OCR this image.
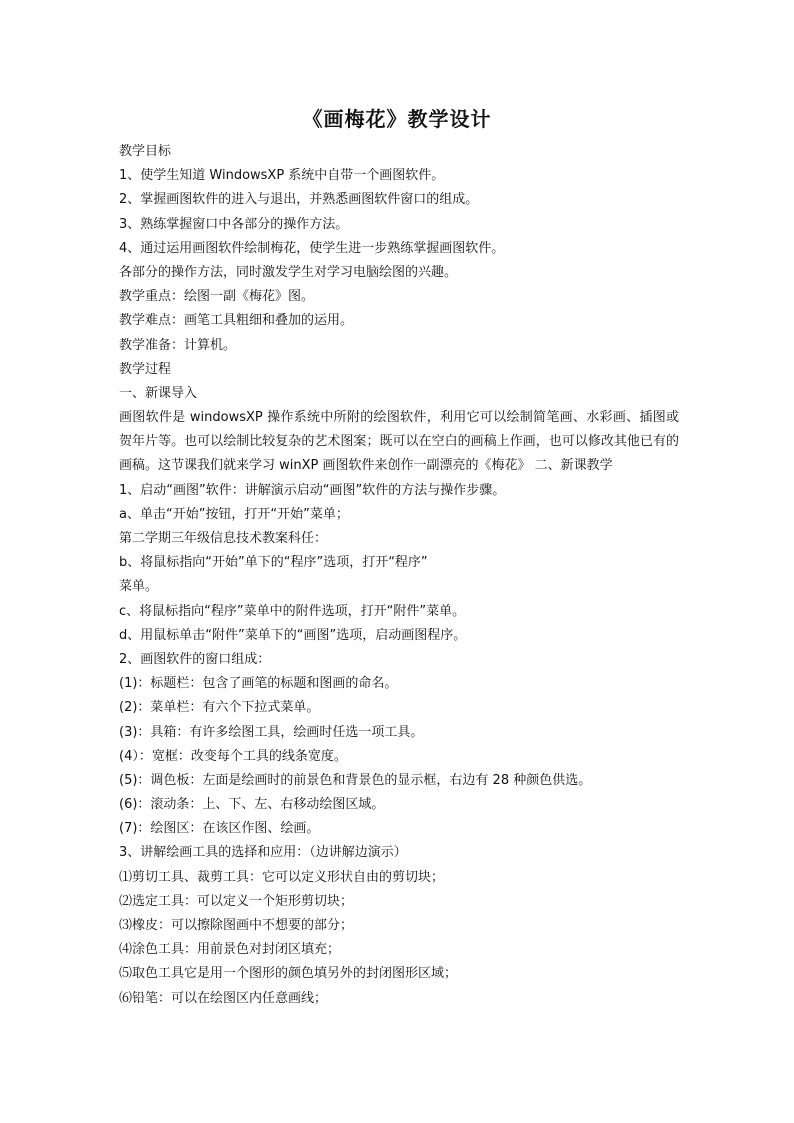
《画梅花》教学设计
教学目标
1、使学生知道 WindowsXP 系统中自带一个画图软件。
2、掌握画图软件的进入与退出，并熟悉画图软件窗口的组成。
3、熟练掌握窗口中各部分的操作方法。
4、通过运用画图软件绘制梅花，使学生进一步熟练掌握画图软件。
各部分的操作方法，同时激发学生对学习电脑绘图的兴趣。
教学重点：绘图一副《梅花》图。
教学难点：画笔工具粗细和叠加的运用。
教学准备：计算机。
教学过程
一、新课导入
画图软件是 windowsXP 操作系统中所附的绘图软件，利用它可以绘制简笔画、水彩画、插图或贺年片等。也可以绘制比较复杂的艺术图案；既可以在空白的画稿上作画，也可以修改其他已有的画稿。这节课我们就来学习 winXP 画图软件来创作一副漂亮的《梅花》 二、新课教学
1、启动“画图”软件：讲解演示启动“画图”软件的方法与操作步骤。
a、单击“开始”按钮，打开“开始”菜单；
第二学期三年级信息技术教案科任：
b、将鼠标指向“开始”单下的“程序”选项，打开“程序”
菜单。
c、将鼠标指向“程序”菜单中的附件选项，打开“附件”菜单。
d、用鼠标单击“附件”菜单下的“画图”选项，启动画图程序。
2、画图软件的窗口组成：
(1)：标题栏：包含了画笔的标题和图画的命名。
(2)：菜单栏：有六个下拉式菜单。
(3)：具箱：有许多绘图工具，绘画时任选一项工具。
(4）：宽框：改变每个工具的线条宽度。
(5)：调色板：左面是绘画时的前景色和背景色的显示框，右边有 28 种颜色供选。
(6)：滚动条：上、下、左、右移动绘图区域。
(7)：绘图区：在该区作图、绘画。
3、讲解绘画工具的选择和应用：（边讲解边演示）
⑴剪切工具、裁剪工具：它可以定义形状自由的剪切块；
⑵选定工具：可以定义一个矩形剪切块；
⑶橡皮：可以擦除图画中不想要的部分；
⑷涂色工具：用前景色对封闭区填充；
⑸取色工具它是用一个图形的颜色填另外的封闭图形区域；
⑹铅笔：可以在绘图区内任意画线；
